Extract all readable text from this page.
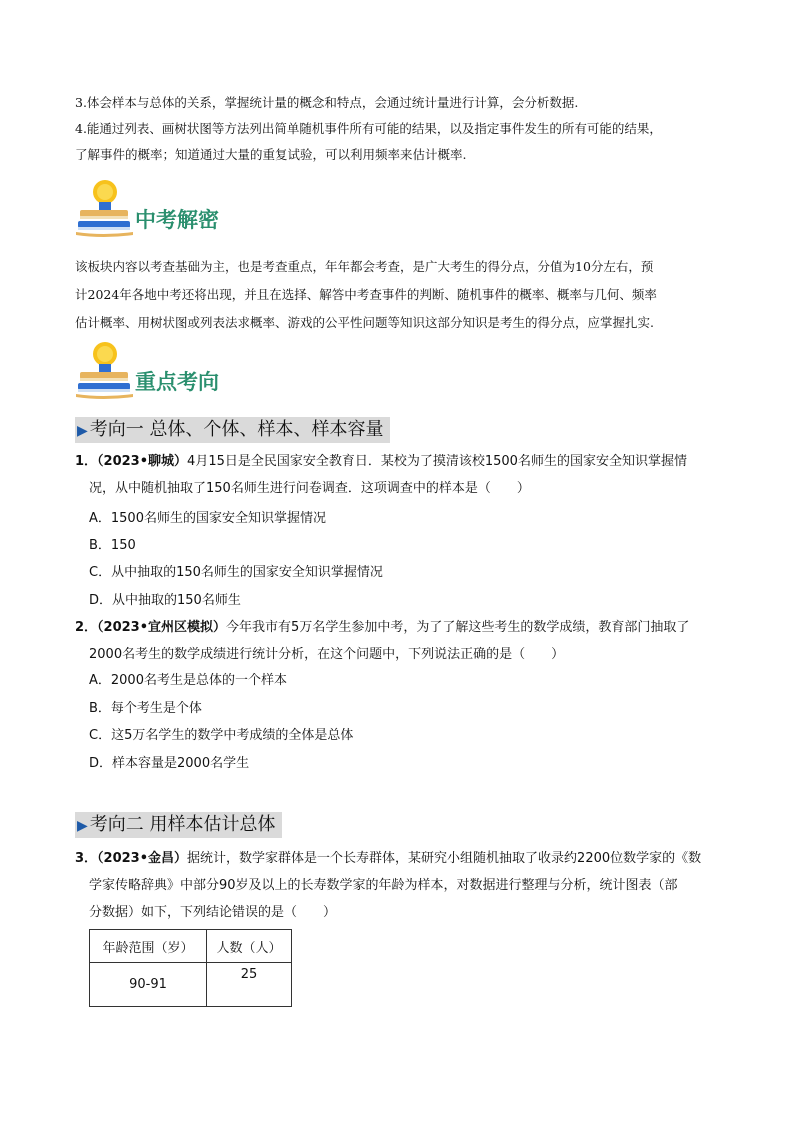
3.体会样本与总体的关系，掌握统计量的概念和特点，会通过统计量进行计算，会分析数据.

4.能通过列表、画树状图等方法列出简单随机事件所有可能的结果，以及指定事件发生的所有可能的结果，

了解事件的概率；知道通过大量的重复试验，可以利用频率来估计概率.

中考解密

该板块内容以考查基础为主，也是考查重点，年年都会考查，是广大考生的得分点，分值为10分左右，预
计2024年各地中考还将出现，并且在选择、解答中考查事件的判断、随机事件的概率、概率与几何、频率
估计概率、用树状图或列表法求概率、游戏的公平性问题等知识这部分知识是考生的得分点，应掌握扎实.

重点考向
▶ 考向一 总体、个体、样本、样本容量
1．（2023•聊城）4月15日是全民国家安全教育日．某校为了摸清该校1500名师生的国家安全知识掌握情
况，从中随机抽取了150名师生进行问卷调查．这项调查中的样本是（　　）
A．1500名师生的国家安全知识掌握情况
B．150
C．从中抽取的150名师生的国家安全知识掌握情况
D．从中抽取的150名师生
2．（2023•宜州区模拟）今年我市有5万名学生参加中考，为了了解这些考生的数学成绩，教育部门抽取了
2000名考生的数学成绩进行统计分析，在这个问题中，下列说法正确的是（　　）
A．2000名考生是总体的一个样本
B．每个考生是个体
C．这5万名学生的数学中考成绩的全体是总体
D．样本容量是2000名学生
▶ 考向二 用样本估计总体
3．（2023•金昌）据统计，数学家群体是一个长寿群体，某研究小组随机抽取了收录约2200位数学家的《数
学家传略辞典》中部分90岁及以上的长寿数学家的年龄为样本，对数据进行整理与分析，统计图表（部
分数据）如下，下列结论错误的是（　　）
年龄范围（岁）	人数（人）
90-91	25
